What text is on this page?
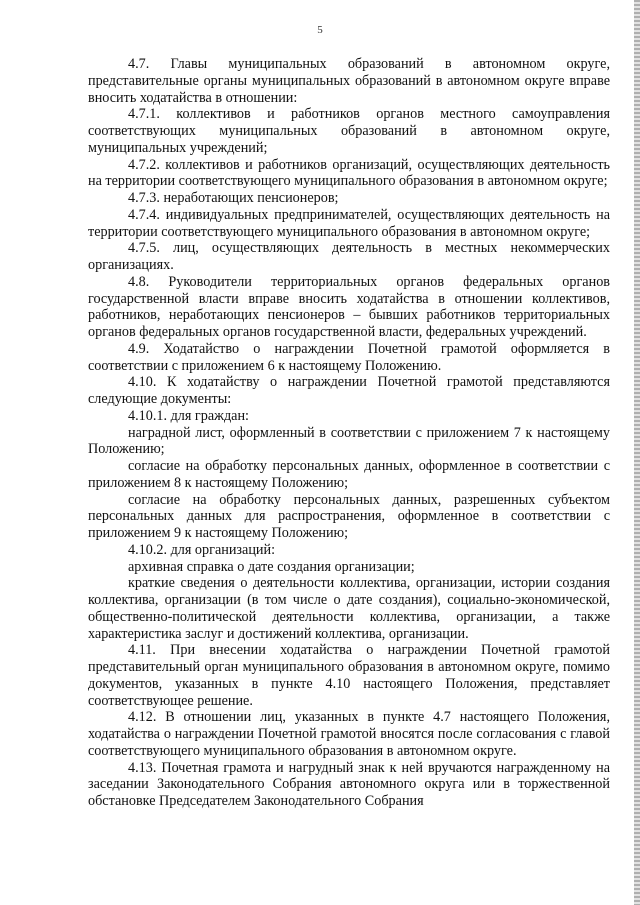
5

4.7. Главы муниципальных образований в автономном округе, представительные органы муниципальных образований в автономном округе вправе вносить ходатайства в отношении:

4.7.1. коллективов и работников органов местного самоуправления соответствующих муниципальных образований в автономном округе, муниципальных учреждений;

4.7.2. коллективов и работников организаций, осуществляющих деятельность на территории соответствующего муниципального образования в автономном округе;

4.7.3. неработающих пенсионеров;

4.7.4. индивидуальных предпринимателей, осуществляющих деятельность на территории соответствующего муниципального образования в автономном округе;

4.7.5. лиц, осуществляющих деятельность в местных некоммерческих организациях.

4.8. Руководители территориальных органов федеральных органов государственной власти вправе вносить ходатайства в отношении коллективов, работников, неработающих пенсионеров – бывших работников территориальных органов федеральных органов государственной власти, федеральных учреждений.

4.9. Ходатайство о награждении Почетной грамотой оформляется в соответствии с приложением 6 к настоящему Положению.

4.10. К ходатайству о награждении Почетной грамотой представляются следующие документы:

4.10.1. для граждан:

наградной лист, оформленный в соответствии с приложением 7 к настоящему Положению;

согласие на обработку персональных данных, оформленное в соответствии с приложением 8 к настоящему Положению;

согласие на обработку персональных данных, разрешенных субъектом персональных данных для распространения, оформленное в соответствии с приложением 9 к настоящему Положению;

4.10.2. для организаций:

архивная справка о дате создания организации;

краткие сведения о деятельности коллектива, организации, истории создания коллектива, организации (в том числе о дате создания), социально-экономической, общественно-политической деятельности коллектива, организации, а также характеристика заслуг и достижений коллектива, организации.

4.11. При внесении ходатайства о награждении Почетной грамотой представительный орган муниципального образования в автономном округе, помимо документов, указанных в пункте 4.10 настоящего Положения, представляет соответствующее решение.

4.12. В отношении лиц, указанных в пункте 4.7 настоящего Положения, ходатайства о награждении Почетной грамотой вносятся после согласования с главой соответствующего муниципального образования в автономном округе.

4.13. Почетная грамота и нагрудный знак к ней вручаются награжденному на заседании Законодательного Собрания автономного округа или в торжественной обстановке Председателем Законодательного Собрания
